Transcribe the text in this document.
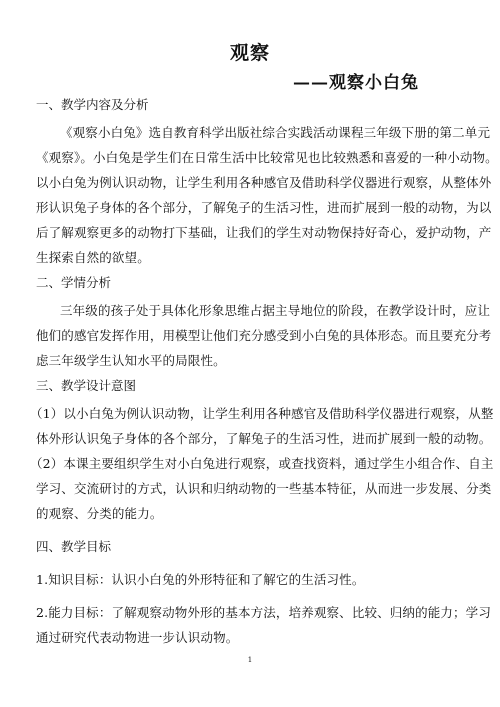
观察
——观察小白兔
一、教学内容及分析
《观察小白兔》选自教育科学出版社综合实践活动课程三年级下册的第二单元
《观察》。小白兔是学生们在日常生活中比较常见也比较熟悉和喜爱的一种小动物。
以小白兔为例认识动物，让学生利用各种感官及借助科学仪器进行观察，从整体外
形认识兔子身体的各个部分，了解兔子的生活习性，进而扩展到一般的动物，为以
后了解观察更多的动物打下基础，让我们的学生对动物保持好奇心，爱护动物，产
生探索自然的欲望。
二、学情分析
三年级的孩子处于具体化形象思维占据主导地位的阶段，在教学设计时，应让
他们的感官发挥作用，用模型让他们充分感受到小白兔的具体形态。而且要充分考
虑三年级学生认知水平的局限性。
三、教学设计意图
（1）以小白兔为例认识动物，让学生利用各种感官及借助科学仪器进行观察，从整
体外形认识兔子身体的各个部分，了解兔子的生活习性，进而扩展到一般的动物。
（2）本课主要组织学生对小白兔进行观察，或查找资料，通过学生小组合作、自主
学习、交流研讨的方式，认识和归纳动物的一些基本特征，从而进一步发展、分类
的观察、分类的能力。
四、教学目标
1.知识目标：认识小白兔的外形特征和了解它的生活习性。
2.能力目标：了解观察动物外形的基本方法，培养观察、比较、归纳的能力；学习
通过研究代表动物进一步认识动物。
1
